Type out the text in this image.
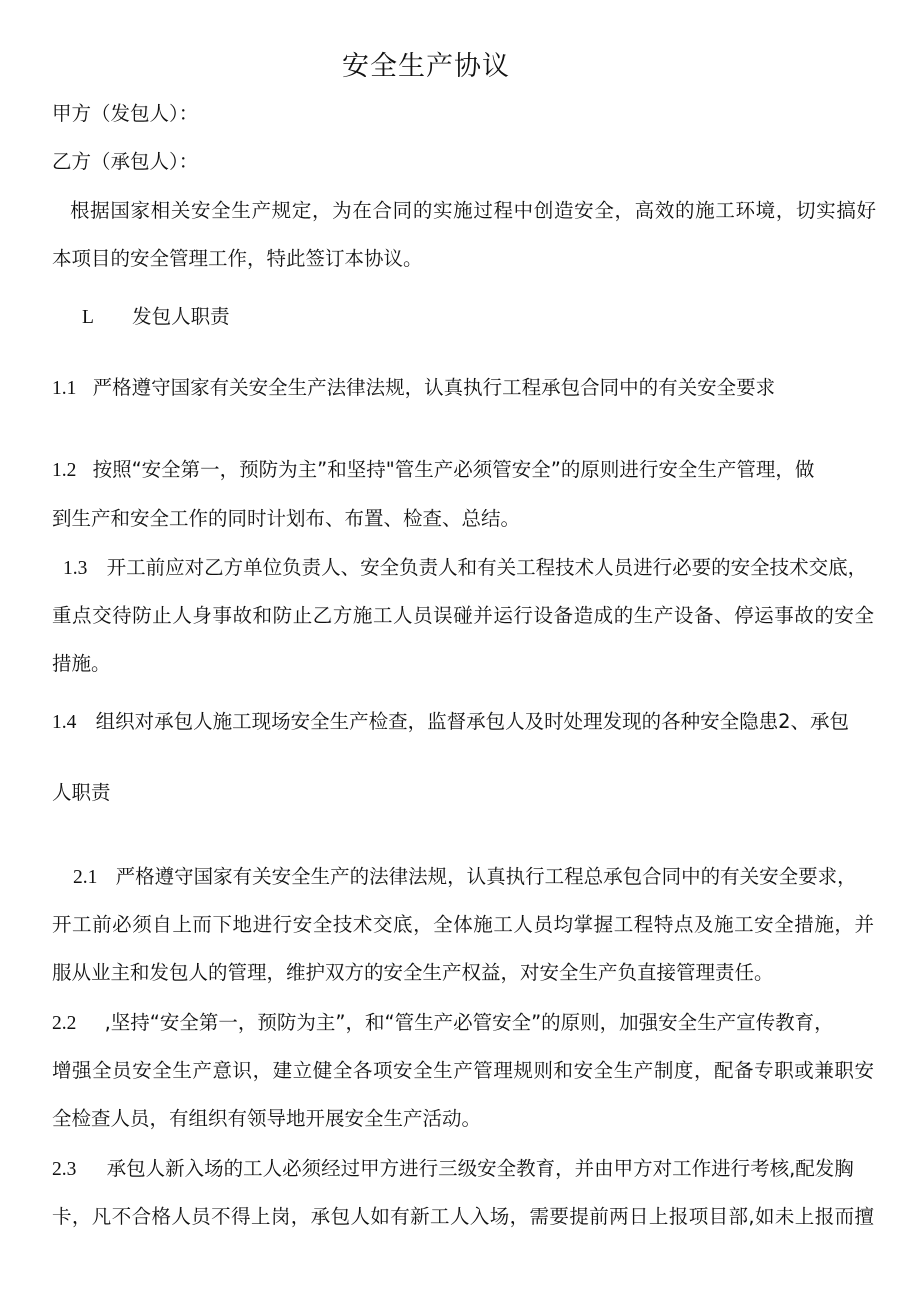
安全生产协议
甲方（发包人）：
乙方（承包人）：
根据国家相关安全生产规定，为在合同的实施过程中创造安全，高效的施工环境，切实搞好
本项目的安全管理工作，特此签订本协议。
L 发包人职责
1.1 严格遵守国家有关安全生产法律法规，认真执行工程承包合同中的有关安全要求
1.2 按照“安全第一，预防为主”和坚持"管生产必须管安全”的原则进行安全生产管理，做
到生产和安全工作的同时计划布、布置、检查、总结。
1.3 开工前应对乙方单位负责人、安全负责人和有关工程技术人员进行必要的安全技术交底，
重点交待防止人身事故和防止乙方施工人员误碰并运行设备造成的生产设备、停运事故的安全
措施。
1.4 组织对承包人施工现场安全生产检查，监督承包人及时处理发现的各种安全隐患2、承包
人职责
2.1 严格遵守国家有关安全生产的法律法规，认真执行工程总承包合同中的有关安全要求，
开工前必须自上而下地进行安全技术交底，全体施工人员均掌握工程特点及施工安全措施，并
服从业主和发包人的管理，维护双方的安全生产权益，对安全生产负直接管理责任。
2.2 ,坚持“安全第一，预防为主”，和“管生产必管安全”的原则，加强安全生产宣传教育，
增强全员安全生产意识，建立健全各项安全生产管理规则和安全生产制度，配备专职或兼职安
全检查人员，有组织有领导地开展安全生产活动。
2.3 承包人新入场的工人必须经过甲方进行三级安全教育，并由甲方对工作进行考核,配发胸
卡，凡不合格人员不得上岗，承包人如有新工人入场，需要提前两日上报项目部,如未上报而擅
